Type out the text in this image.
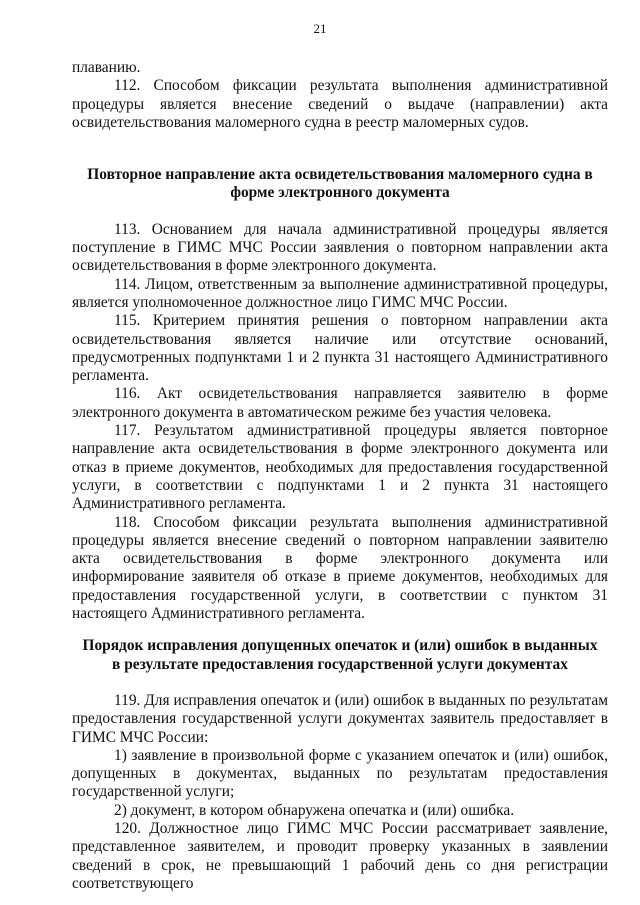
21

плаванию.

112. Способом фиксации результата выполнения административной процедуры является внесение сведений о выдаче (направлении) акта освидетельствования маломерного судна в реестр маломерных судов.

Повторное направление акта освидетельствования маломерного судна в
форме электронного документа

113. Основанием для начала административной процедуры является поступление в ГИМС МЧС России заявления о повторном направлении акта освидетельствования в форме электронного документа.

114. Лицом, ответственным за выполнение административной процедуры, является уполномоченное должностное лицо ГИМС МЧС России.

115. Критерием принятия решения о повторном направлении акта освидетельствования является наличие или отсутствие оснований, предусмотренных подпунктами 1 и 2 пункта 31 настоящего Административного регламента.

116. Акт освидетельствования направляется заявителю в форме электронного документа в автоматическом режиме без участия человека.

117. Результатом административной процедуры является повторное направление акта освидетельствования в форме электронного документа или отказ в приеме документов, необходимых для предоставления государственной услуги, в соответствии с подпунктами 1 и 2 пункта 31 настоящего Административного регламента.

118. Способом фиксации результата выполнения административной процедуры является внесение сведений о повторном направлении заявителю акта освидетельствования в форме электронного документа или информирование заявителя об отказе в приеме документов, необходимых для предоставления государственной услуги, в соответствии с пунктом 31 настоящего Административного регламента.

Порядок исправления допущенных опечаток и (или) ошибок в выданных
в результате предоставления государственной услуги документах

119. Для исправления опечаток и (или) ошибок в выданных по результатам предоставления государственной услуги документах заявитель предоставляет в ГИМС МЧС России:

1) заявление в произвольной форме с указанием опечаток и (или) ошибок, допущенных в документах, выданных по результатам предоставления государственной услуги;

2) документ, в котором обнаружена опечатка и (или) ошибка.

120. Должностное лицо ГИМС МЧС России рассматривает заявление, представленное заявителем, и проводит проверку указанных в заявлении сведений в срок, не превышающий 1 рабочий день со дня регистрации соответствующего
